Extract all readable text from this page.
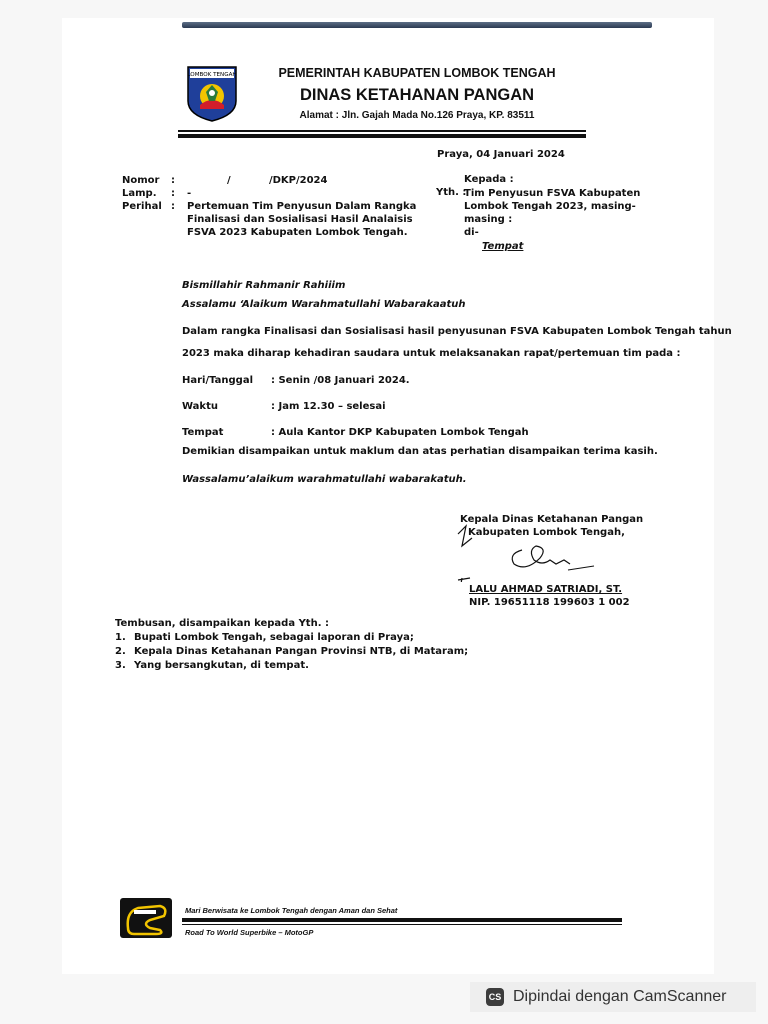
LOMBOK TENGAH	PEMERINTAH KABUPATEN LOMBOK TENGAH
DINAS KETAHANAN PANGAN
Alamat : Jln. Gajah Mada No.126 Praya, KP. 83511
Praya, 04 Januari 2024
Nomor :	/           /DKP/2024
Lamp. : -
Perihal : Pertemuan Tim Penyusun Dalam Rangka
Finalisasi dan Sosialisasi Hasil Analaisis
FSVA 2023 Kabupaten Lombok Tengah.
Kepada :
Yth. :
Tim Penyusun FSVA Kabupaten
Lombok Tengah 2023, masing-
masing :
di-
Tempat
Bismillahir Rahmanir Rahiiim
Assalamu ‘Alaikum Warahmatullahi Wabarakaatuh
Dalam rangka Finalisasi dan Sosialisasi hasil penyusunan FSVA Kabupaten Lombok Tengah tahun
2023 maka diharap kehadiran saudara untuk melaksanakan rapat/pertemuan tim pada :
Hari/Tanggal : Senin /08 Januari 2024.
Waktu	: Jam 12.30 – selesai
Tempat	: Aula Kantor DKP Kabupaten Lombok Tengah
Demikian disampaikan untuk maklum dan atas perhatian disampaikan terima kasih.
Wassalamu’alaikum warahmatullahi wabarakatuh.
Kepala Dinas Ketahanan Pangan
Kabupaten Lombok Tengah,
LALU AHMAD SATRIADI, ST.
NIP. 19651118 199603 1 002
Tembusan, disampaikan kepada Yth. :
1. Bupati Lombok Tengah, sebagai laporan di Praya;
2. Kepala Dinas Ketahanan Pangan Provinsi NTB, di Mataram;
3. Yang bersangkutan, di tempat.
Mari Berwisata ke Lombok Tengah dengan Aman dan Sehat
Road To World Superbike – MotoGP
CS Dipindai dengan CamScanner
